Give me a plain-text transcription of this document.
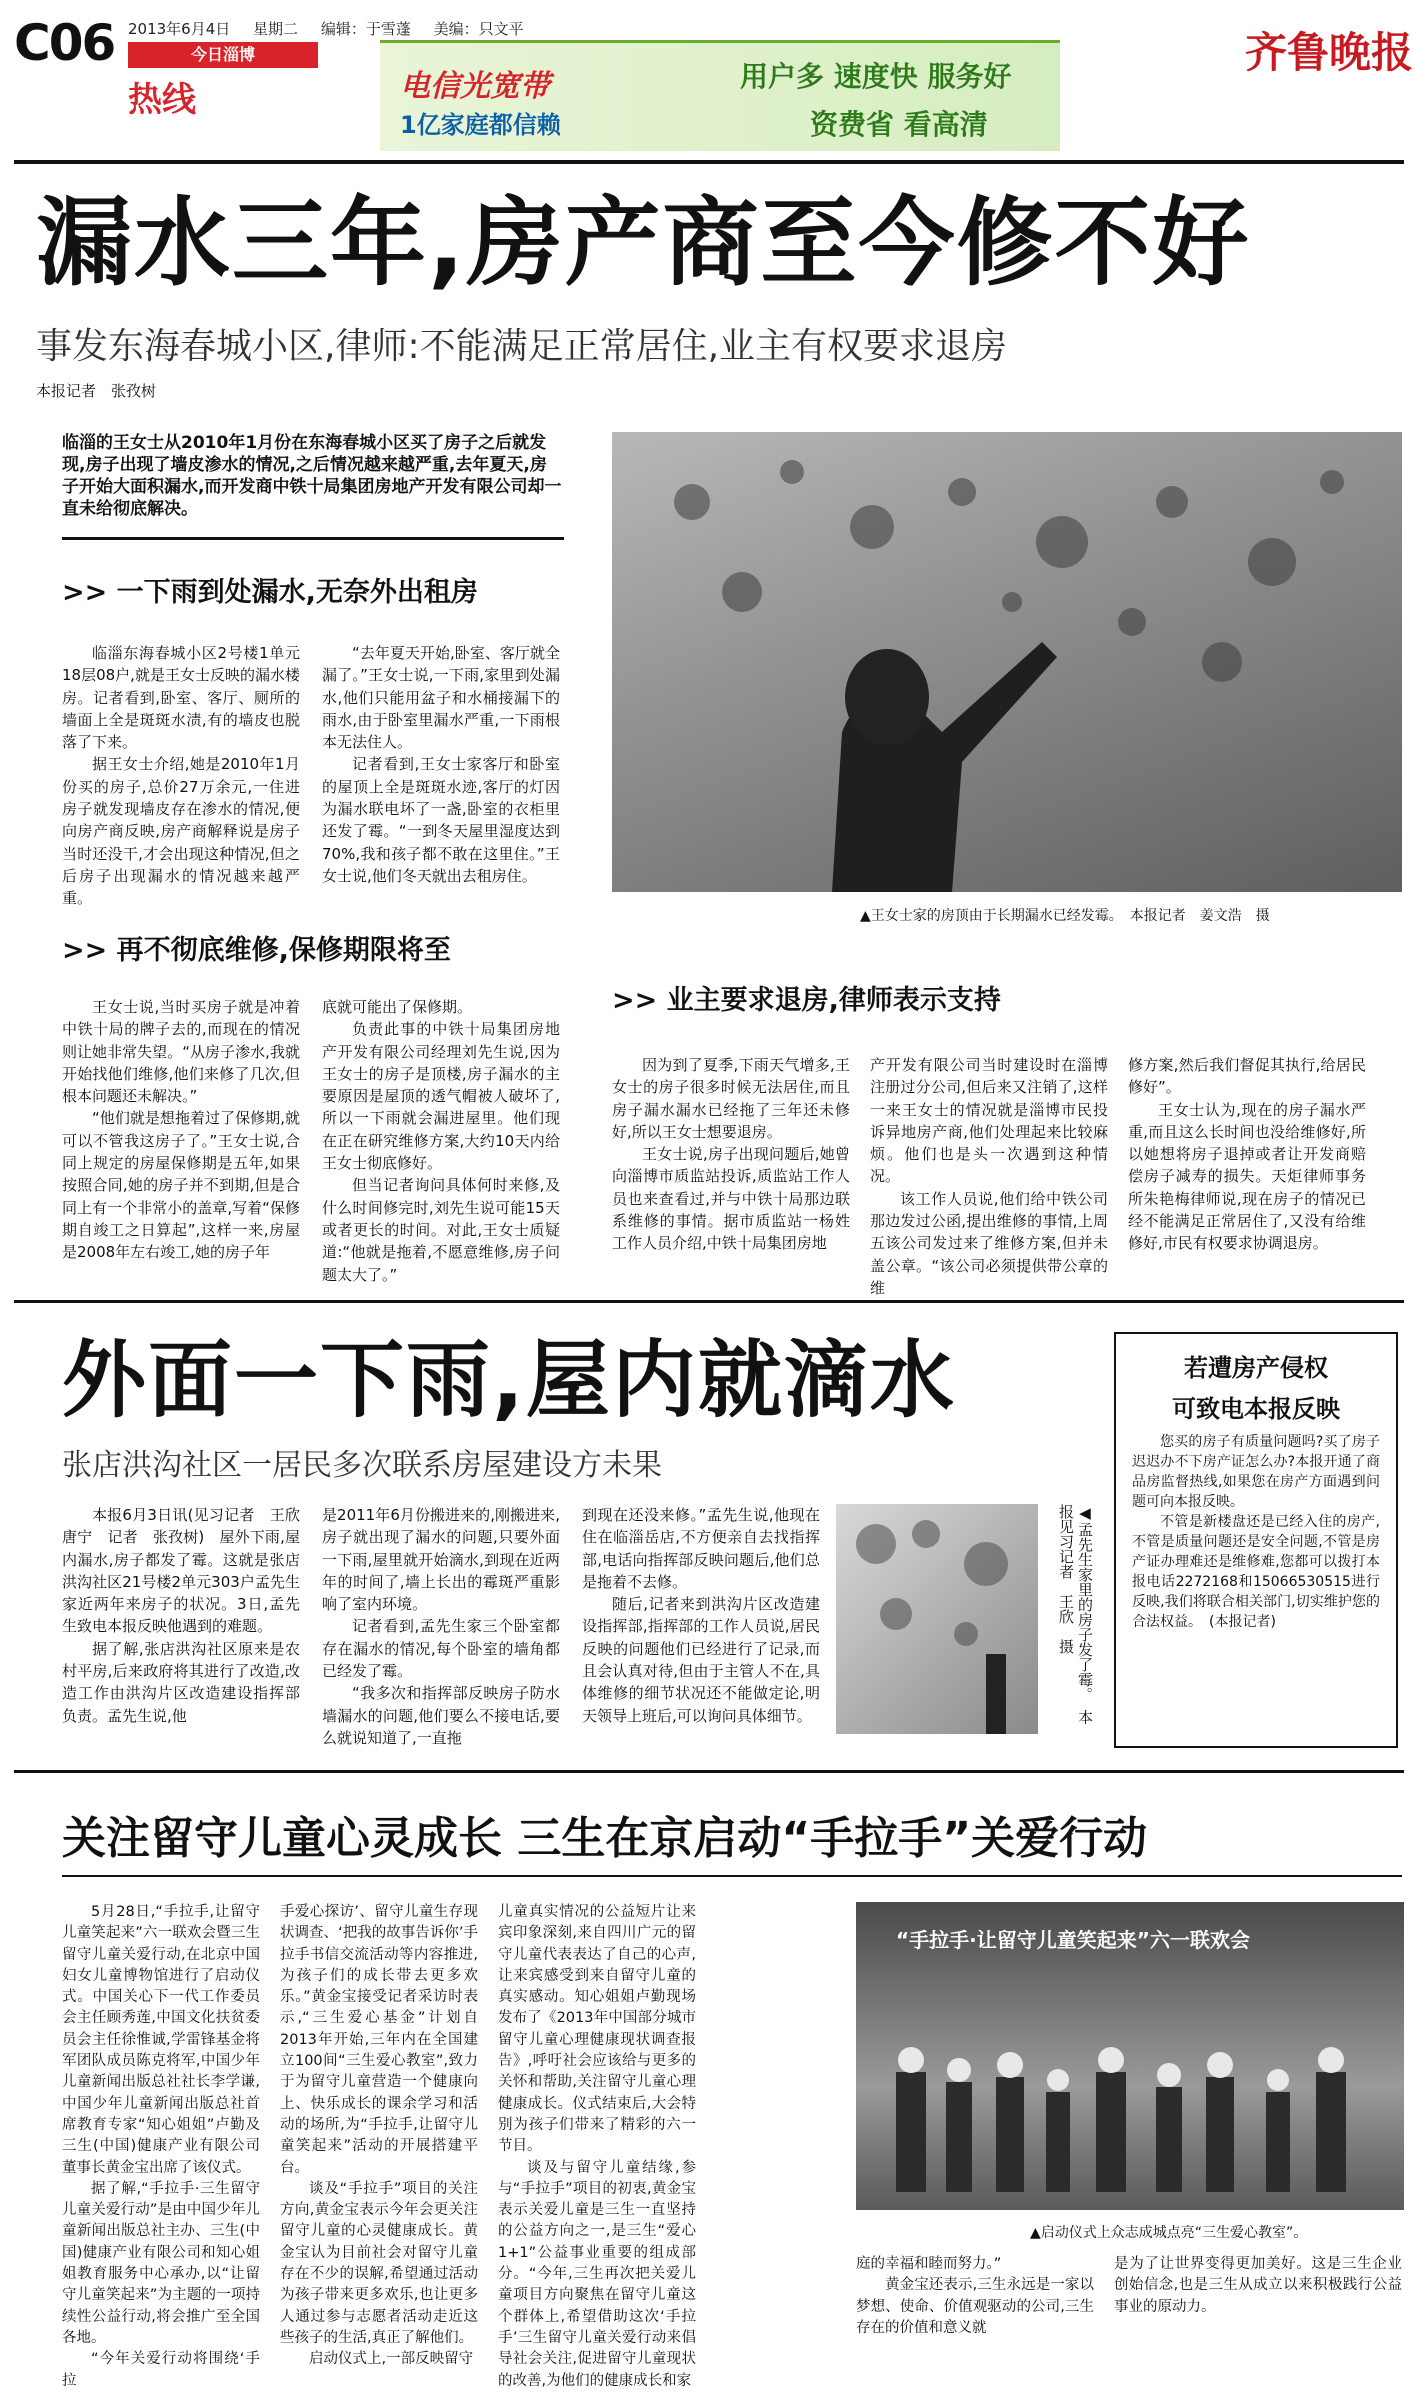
C06 2013年6月4日 星期二 编辑：于雪蓬 美编：只文平
今日淄博
热线	电信光宽带
1亿家庭都信赖
用户多 速度快 服务好
资费省 看高清
齐鲁晚报
漏水三年,房产商至今修不好
事发东海春城小区,律师:不能满足正常居住,业主有权要求退房
本报记者　张孜树
临淄的王女士从2010年1月份在东海春城小区买了房子之后就发现,房子出现了墙皮渗水的情况,之后情况越来越严重,去年夏天,房子开始大面积漏水,而开发商中铁十局集团房地产开发有限公司却一直未给彻底解决。
>> 一下雨到处漏水,无奈外出租房

临淄东海春城小区2号楼1单元18层08户,就是王女士反映的漏水楼房。记者看到,卧室、客厅、厕所的墙面上全是斑斑水渍,有的墙皮也脱落了下来。

据王女士介绍,她是2010年1月份买的房子,总价27万余元,一住进房子就发现墙皮存在渗水的情况,便向房产商反映,房产商解释说是房子当时还没干,才会出现这种情况,但之后房子出现漏水的情况越来越严重。

“去年夏天开始,卧室、客厅就全漏了。”王女士说,一下雨,家里到处漏水,他们只能用盆子和水桶接漏下的雨水,由于卧室里漏水严重,一下雨根本无法住人。

记者看到,王女士家客厅和卧室的屋顶上全是斑斑水迹,客厅的灯因为漏水联电坏了一盏,卧室的衣柜里还发了霉。“一到冬天屋里湿度达到70%,我和孩子都不敢在这里住。”王女士说,他们冬天就出去租房住。

▲王女士家的房顶由于长期漏水已经发霉。　本报记者　姜文浩　摄
>> 再不彻底维修,保修期限将至

王女士说,当时买房子就是冲着中铁十局的牌子去的,而现在的情况则让她非常失望。“从房子渗水,我就开始找他们维修,他们来修了几次,但根本问题还未解决。”

“他们就是想拖着过了保修期,就可以不管我这房子了。”王女士说,合同上规定的房屋保修期是五年,如果按照合同,她的房子并不到期,但是合同上有一个非常小的盖章,写着“保修期自竣工之日算起”,这样一来,房屋是2008年左右竣工,她的房子年

底就可能出了保修期。

负责此事的中铁十局集团房地产开发有限公司经理刘先生说,因为王女士的房子是顶楼,房子漏水的主要原因是屋顶的透气帽被人破坏了,所以一下雨就会漏进屋里。他们现在正在研究维修方案,大约10天内给王女士彻底修好。

但当记者询问具体何时来修,及什么时间修完时,刘先生说可能15天或者更长的时间。对此,王女士质疑道:“他就是拖着,不愿意维修,房子问题太大了。”

>> 业主要求退房,律师表示支持

因为到了夏季,下雨天气增多,王女士的房子很多时候无法居住,而且房子漏水漏水已经拖了三年还未修好,所以王女士想要退房。

王女士说,房子出现问题后,她曾向淄博市质监站投诉,质监站工作人员也来查看过,并与中铁十局那边联系维修的事情。据市质监站一杨姓工作人员介绍,中铁十局集团房地

产开发有限公司当时建设时在淄博注册过分公司,但后来又注销了,这样一来王女士的情况就是淄博市民投诉异地房产商,他们处理起来比较麻烦。他们也是头一次遇到这种情况。

该工作人员说,他们给中铁公司那边发过公函,提出维修的事情,上周五该公司发过来了维修方案,但并未盖公章。“该公司必须提供带公章的维

修方案,然后我们督促其执行,给居民修好”。

王女士认为,现在的房子漏水严重,而且这么长时间也没给维修好,所以她想将房子退掉或者让开发商赔偿房子减寿的损失。天炬律师事务所朱艳梅律师说,现在房子的情况已经不能满足正常居住了,又没有给维修好,市民有权要求协调退房。

外面一下雨,屋内就滴水
张店洪沟社区一居民多次联系房屋建设方未果

本报6月3日讯(见习记者　王欣　唐宁　记者　张孜树)　屋外下雨,屋内漏水,房子都发了霉。这就是张店洪沟社区21号楼2单元303户孟先生家近两年来房子的状况。3日,孟先生致电本报反映他遇到的难题。

据了解,张店洪沟社区原来是农村平房,后来政府将其进行了改造,改造工作由洪沟片区改造建设指挥部负责。孟先生说,他

是2011年6月份搬进来的,刚搬进来,房子就出现了漏水的问题,只要外面一下雨,屋里就开始滴水,到现在近两年的时间了,墙上长出的霉斑严重影响了室内环境。

记者看到,孟先生家三个卧室都存在漏水的情况,每个卧室的墙角都已经发了霉。

“我多次和指挥部反映房子防水墙漏水的问题,他们要么不接电话,要么就说知道了,一直拖

到现在还没来修。”孟先生说,他现在住在临淄岳店,不方便亲自去找指挥部,电话向指挥部反映问题后,他们总是拖着不去修。

随后,记者来到洪沟片区改造建设指挥部,指挥部的工作人员说,居民反映的问题他们已经进行了记录,而且会认真对待,但由于主管人不在,具体维修的细节状况还不能做定论,明天领导上班后,可以询问具体细节。	◀孟先生家里的房子发了霉。　本报见习记者　王欣　摄
若遭房产侵权
可致电本报反映

您买的房子有质量问题吗?买了房子迟迟办不下房产证怎么办?本报开通了商品房监督热线,如果您在房产方面遇到问题可向本报反映。

不管是新楼盘还是已经入住的房产,不管是质量问题还是安全问题,不管是房产证办理难还是维修难,您都可以拨打本报电话2272168和15066530515进行反映,我们将联合相关部门,切实维护您的合法权益。　(本报记者)

关注留守儿童心灵成长 三生在京启动“手拉手”关爱行动

5月28日,“手拉手,让留守儿童笑起来”六一联欢会暨三生留守儿童关爱行动,在北京中国妇女儿童博物馆进行了启动仪式。中国关心下一代工作委员会主任顾秀莲,中国文化扶贫委员会主任徐惟诚,学雷锋基金将军团队成员陈克将军,中国少年儿童新闻出版总社社长李学谦,中国少年儿童新闻出版总社首席教育专家“知心姐姐”卢勤及三生(中国)健康产业有限公司董事长黄金宝出席了该仪式。

据了解,“手拉手·三生留守儿童关爱行动”是由中国少年儿童新闻出版总社主办、三生(中国)健康产业有限公司和知心姐姐教育服务中心承办,以“让留守儿童笑起来”为主题的一项持续性公益行动,将会推广至全国各地。

“今年关爱行动将围绕‘手拉

手爱心探访’、留守儿童生存现状调查、‘把我的故事告诉你’手拉手书信交流活动等内容推进,为孩子们的成长带去更多欢乐。”黄金宝接受记者采访时表示,“三生爱心基金”计划自2013年开始,三年内在全国建立100间“三生爱心教室”,致力于为留守儿童营造一个健康向上、快乐成长的课余学习和活动的场所,为“手拉手,让留守儿童笑起来”活动的开展搭建平台。

谈及“手拉手”项目的关注方向,黄金宝表示今年会更关注留守儿童的心灵健康成长。黄金宝认为目前社会对留守儿童存在不少的误解,希望通过活动为孩子带来更多欢乐,也让更多人通过参与志愿者活动走近这些孩子的生活,真正了解他们。

启动仪式上,一部反映留守

儿童真实情况的公益短片让来宾印象深刻,来自四川广元的留守儿童代表表达了自己的心声,让来宾感受到来自留守儿童的真实感动。知心姐姐卢勤现场发布了《2013年中国部分城市留守儿童心理健康现状调查报告》,呼吁社会应该给与更多的关怀和帮助,关注留守儿童心理健康成长。仪式结束后,大会特别为孩子们带来了精彩的六一节目。

谈及与留守儿童结缘,参与“手拉手”项目的初衷,黄金宝表示关爱儿童是三生一直坚持的公益方向之一,是三生“爱心1+1”公益事业重要的组成部分。“今年,三生再次把关爱儿童项目方向聚焦在留守儿童这个群体上,希望借助这次‘手拉手’三生留守儿童关爱行动来倡导社会关注,促进留守儿童现状的改善,为他们的健康成长和家

“手拉手·让留守儿童笑起来”六一联欢会
▲启动仪式上众志成城点亮“三生爱心教室”。

庭的幸福和睦而努力。”

黄金宝还表示,三生永远是一家以梦想、使命、价值观驱动的公司,三生存在的价值和意义就

是为了让世界变得更加美好。这是三生企业创始信念,也是三生从成立以来积极践行公益事业的原动力。
